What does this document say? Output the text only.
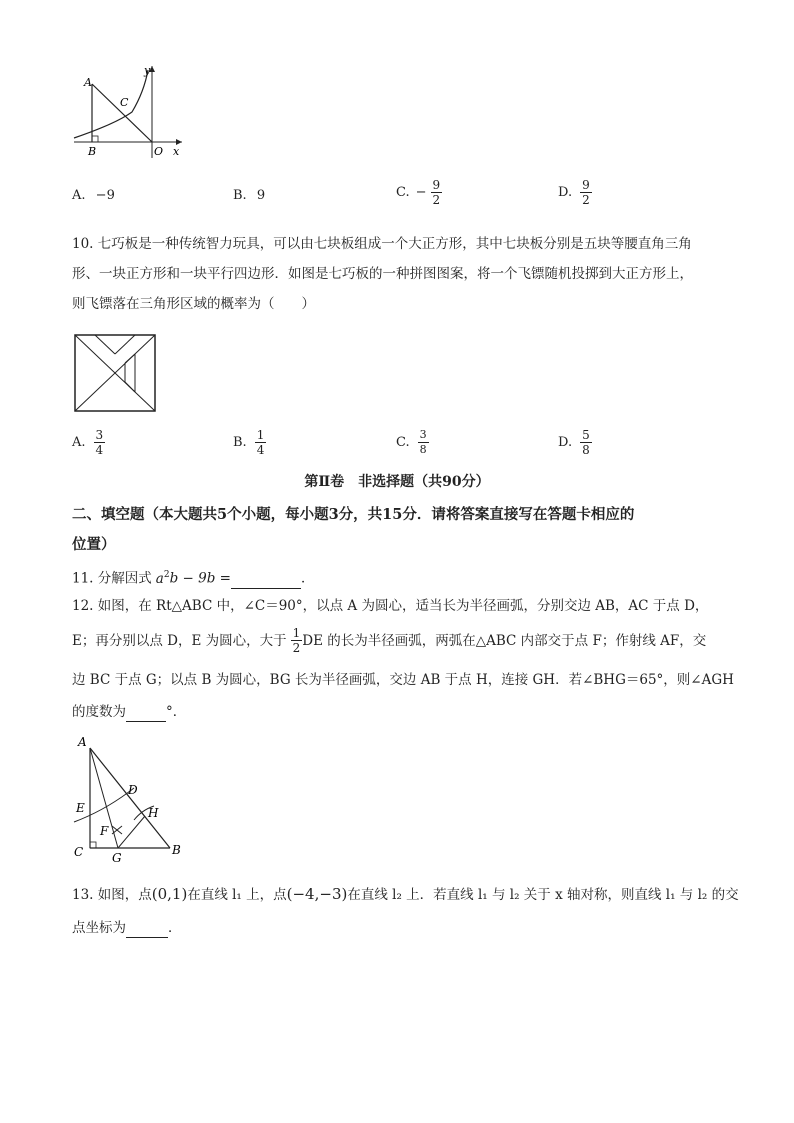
y
A
C
B	O x
A. −9	B. 9	C. − $\frac{9}{2}$	D. $\frac{9}{2}$
10. 七巧板是一种传统智力玩具，可以由七块板组成一个大正方形，其中七块板分别是五块等腰直角三角
形、一块正方形和一块平行四边形．如图是七巧板的一种拼图图案，将一个飞镖随机投掷到大正方形上，
则飞镖落在三角形区域的概率为（　　）
A. $\frac{3}{4}$	B. $\frac{1}{4}$	C. $\frac{3}{8}$	D. $\frac{5}{8}$
第Ⅱ卷　非选择题（共90分）
二、填空题（本大题共5个小题，每小题3分，共15分．请将答案直接写在答题卡相应的
位置）
11. 分解因式 $a^2b - 9b$ =	．
12. 如图，在 Rt△ABC 中，∠C＝90°，以点 A 为圆心，适当长为半径画弧，分别交边 AB，AC 于点 D，
E；再分别以点 D，E 为圆心，大于 $\frac{1}{2}$ DE 的长为半径画弧，两弧在△ABC 内部交于点 F；作射线 AF，交
边 BC 于点 G；以点 B 为圆心，BG 长为半径画弧，交边 AB 于点 H，连接 GH．若∠BHG＝65°，则∠AGH
的度数为	°．
A
D
H
E
F
C G
B
13. 如图，点(0,1)在直线 l₁ 上，点(−4,−3)在直线 l₂ 上．若直线 l₁ 与 l₂ 关于 x 轴对称，则直线 l₁ 与 l₂ 的交
点坐标为	．
